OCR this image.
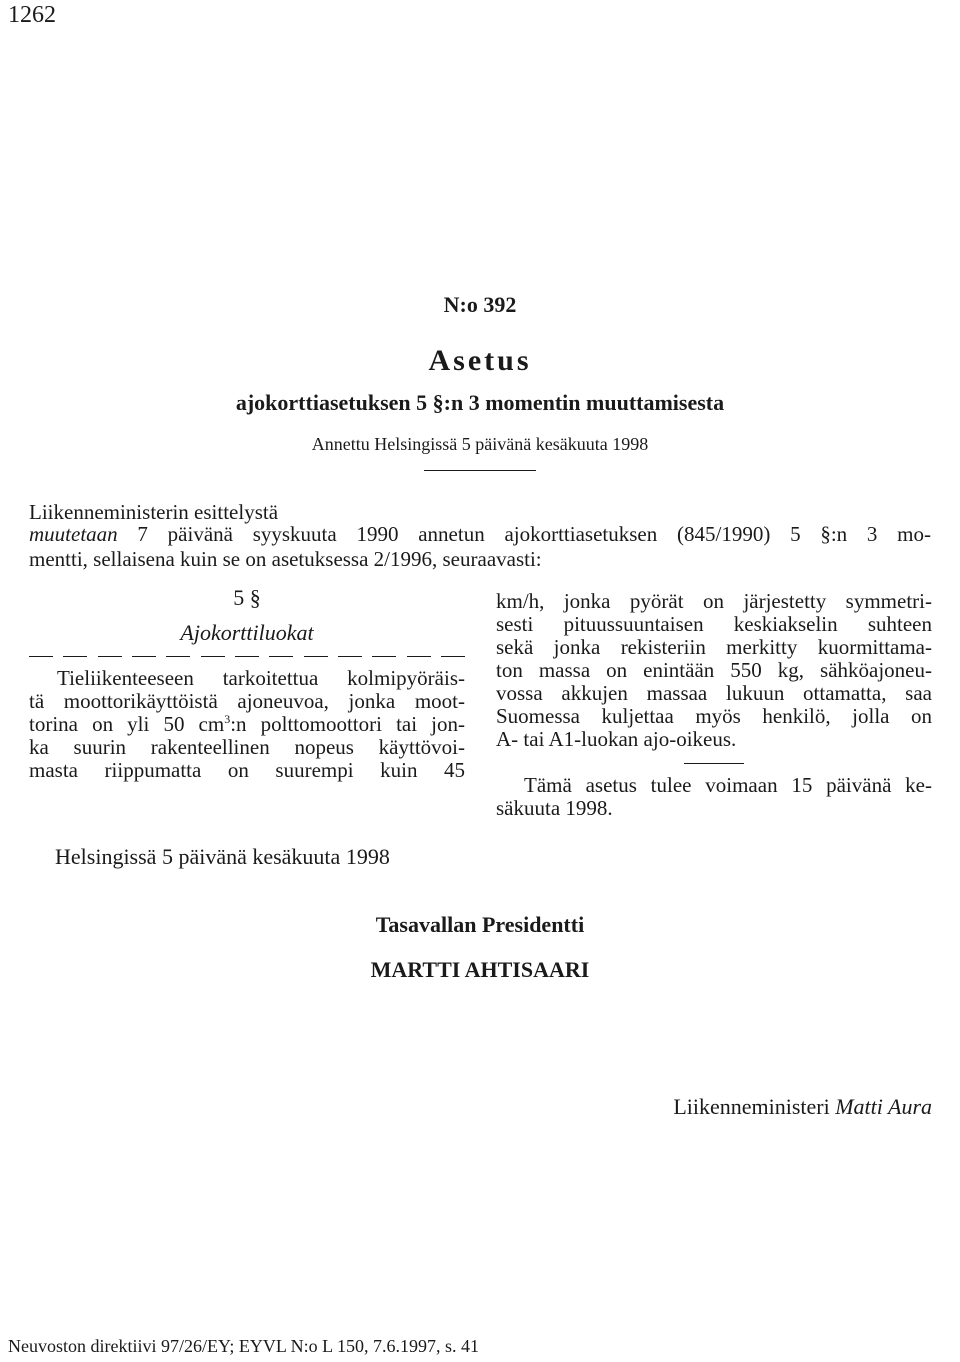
1262
N:o 392
Asetus
ajokorttiasetuksen 5 §:n 3 momentin muuttamisesta
Annettu Helsingissä 5 päivänä kesäkuuta 1998
Liikenneministerin esittelystä
muutetaan 7 päivänä syyskuuta 1990 annetun ajokorttiasetuksen (845/1990) 5 §:n 3 mo-
mentti, sellaisena kuin se on asetuksessa 2/1996, seuraavasti:
5 §
Ajokorttiluokat
Tieliikenteeseen tarkoitettua kolmipyöräis-
tä moottorikäyttöistä ajoneuvoa, jonka moot-
torina on yli 50 $cm^3:n$ polttomoottori tai jon-
ka suurin rakenteellinen nopeus käyttövoi-
masta riippumatta on suurempi kuin 45
km/h, jonka pyörät on järjestetty symmetri-
sesti pituussuuntaisen keskiakselin suhteen
sekä jonka rekisteriin merkitty kuormittama-
ton massa on enintään 550 kg, sähköajoneu-
vossa akkujen massaa lukuun ottamatta, saa
Suomessa kuljettaa myös henkilö, jolla on
A- tai A1-luokan ajo-oikeus.
Tämä asetus tulee voimaan 15 päivänä ke-
säkuuta 1998.
Helsingissä 5 päivänä kesäkuuta 1998
Tasavallan Presidentti
MARTTI AHTISAARI
Liikenneministeri Matti Aura
Neuvoston direktiivi 97/26/EY; EYVL N:o L 150, 7.6.1997, s. 41
